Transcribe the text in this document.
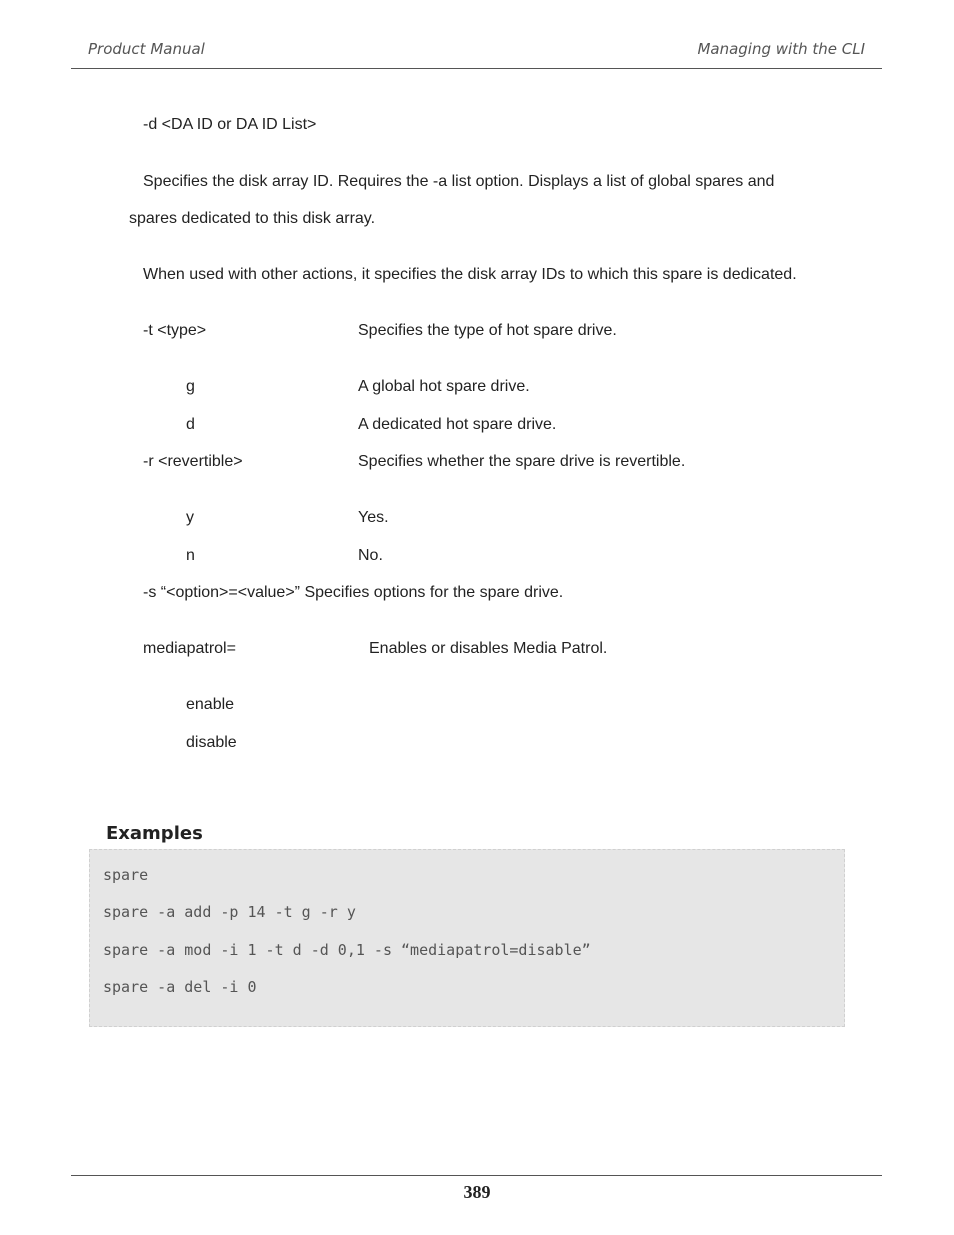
Product Manual	Managing with the CLI
-d <DA ID or DA ID List>
Specifies the disk array ID. Requires the -a list option. Displays a list of global spares and
spares dedicated to this disk array.
When used with other actions, it specifies the disk array IDs to which this spare is dedicated.
-t <type>	Specifies the type of hot spare drive.
g	A global hot spare drive.
d	A dedicated hot spare drive.
-r <revertible>	Specifies whether the spare drive is revertible.
y	Yes.
n	No.
-s “<option>=<value>” Specifies options for the spare drive.
mediapatrol=	Enables or disables Media Patrol.
enable
disable
Examples
spare
spare -a add -p 14 -t g -r y
spare -a mod -i 1 -t d -d 0,1 -s “mediapatrol=disable”
spare -a del -i 0
389
